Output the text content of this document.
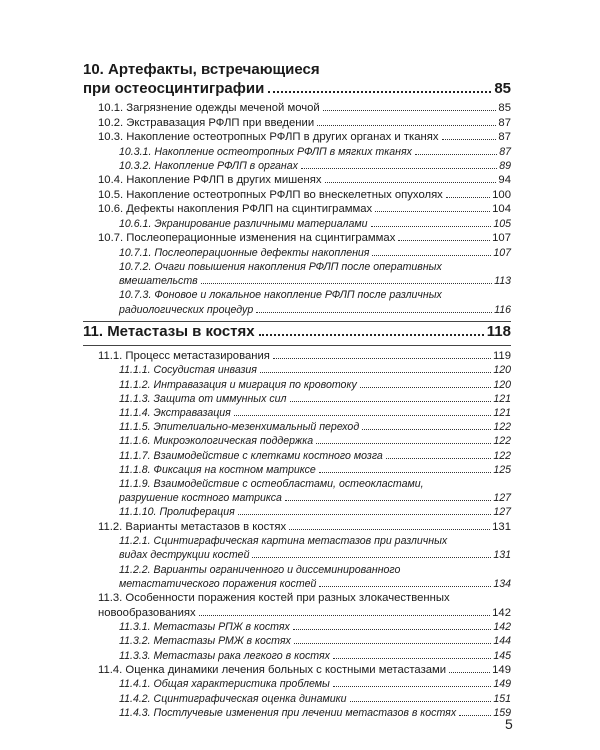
10. Артефакты, встречающиеся
при остеосцинтиграфии	85
10.1. Загрязнение одежды меченой мочой	85
10.2. Экстравазация РФЛП при введении	87
10.3. Накопление остеотропных РФЛП в других органах и тканях	87
10.3.1. Накопление остеотропных РФЛП в мягких тканях	87
10.3.2. Накопление РФЛП в органах	89
10.4. Накопление РФЛП в других мишенях	94
10.5. Накопление остеотропных РФЛП во внескелетных опухолях	100
10.6. Дефекты накопления РФЛП на сцинтиграммах	104
10.6.1. Экранирование различными материалами	105
10.7. Послеоперационные изменения на сцинтиграммах	107
10.7.1. Послеоперационные дефекты накопления	107
10.7.2. Очаги повышения накопления РФЛП после оперативных
вмешательств	113
10.7.3. Фоновое и локальное накопление РФЛП после различных
радиологических процедур	116
11. Метастазы в костях	118
11.1. Процесс метастазирования	119
11.1.1. Сосудистая инвазия	120
11.1.2. Интравазация и миграция по кровотоку	120
11.1.3. Защита от иммунных сил	121
11.1.4. Экстравазация	121
11.1.5. Эпителиально-мезенхимальный переход	122
11.1.6. Микроэкологическая поддержка	122
11.1.7. Взаимодействие с клетками костного мозга	122
11.1.8. Фиксация на костном матриксе	125
11.1.9. Взаимодействие с остеобластами, остеокластами,
разрушение костного матрикса	127
11.1.10. Пролиферация	127
11.2. Варианты метастазов в костях	131
11.2.1. Сцинтиграфическая картина метастазов при различных
видах деструкции костей	131
11.2.2. Варианты ограниченного и диссеминированного
метастатического поражения костей	134
11.3. Особенности поражения костей при разных злокачественных
новообразованиях	142
11.3.1. Метастазы РПЖ в костях	142
11.3.2. Метастазы РМЖ в костях	144
11.3.3. Метастазы рака легкого в костях	145
11.4. Оценка динамики лечения больных с костными метастазами	149
11.4.1. Общая характеристика проблемы	149
11.4.2. Сцинтиграфическая оценка динамики	151
11.4.3. Постлучевые изменения при лечении метастазов в костях	159
5
